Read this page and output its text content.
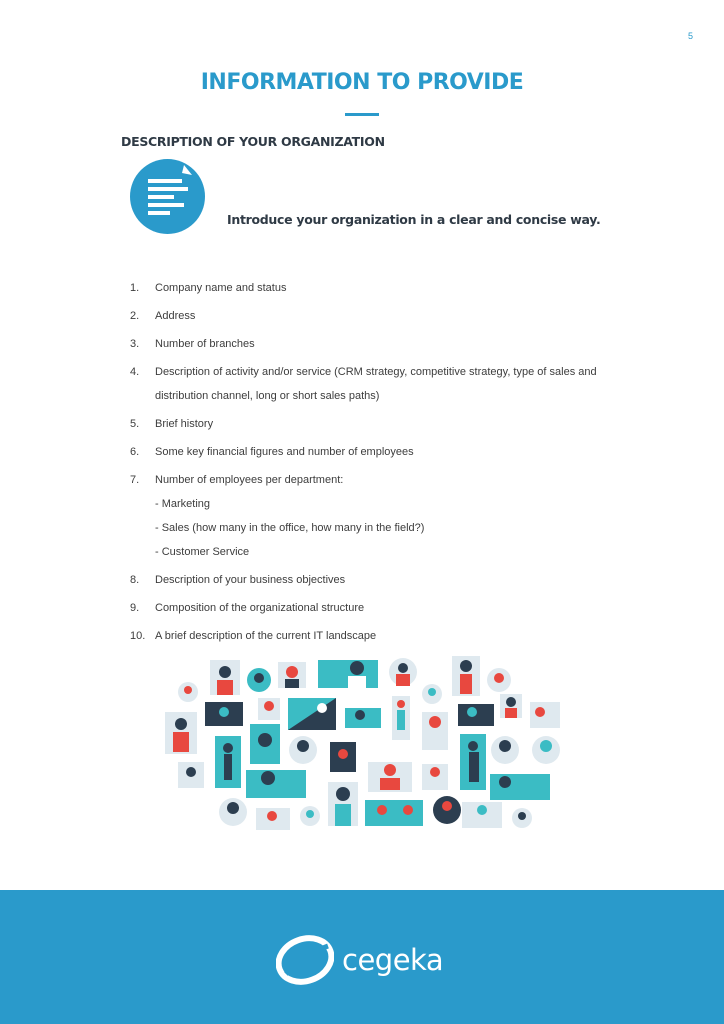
5
INFORMATION TO PROVIDE
DESCRIPTION OF YOUR ORGANIZATION

Introduce your organization in a clear and concise way.

1.	Company name and status
2.	Address
3.	Number of branches
4.	Description of activity and/or service (CRM strategy, competitive strategy, type of sales and distribution channel, long or short sales paths)
5.	Brief history
6.	Some key financial figures and number of employees
7.	Number of employees per department:
- Marketing
- Sales (how many in the office, how many in the field?)
- Customer Service
8.	Description of your business objectives
9.	Composition of the organizational structure
10. A brief description of the current IT landscape
cegeka
